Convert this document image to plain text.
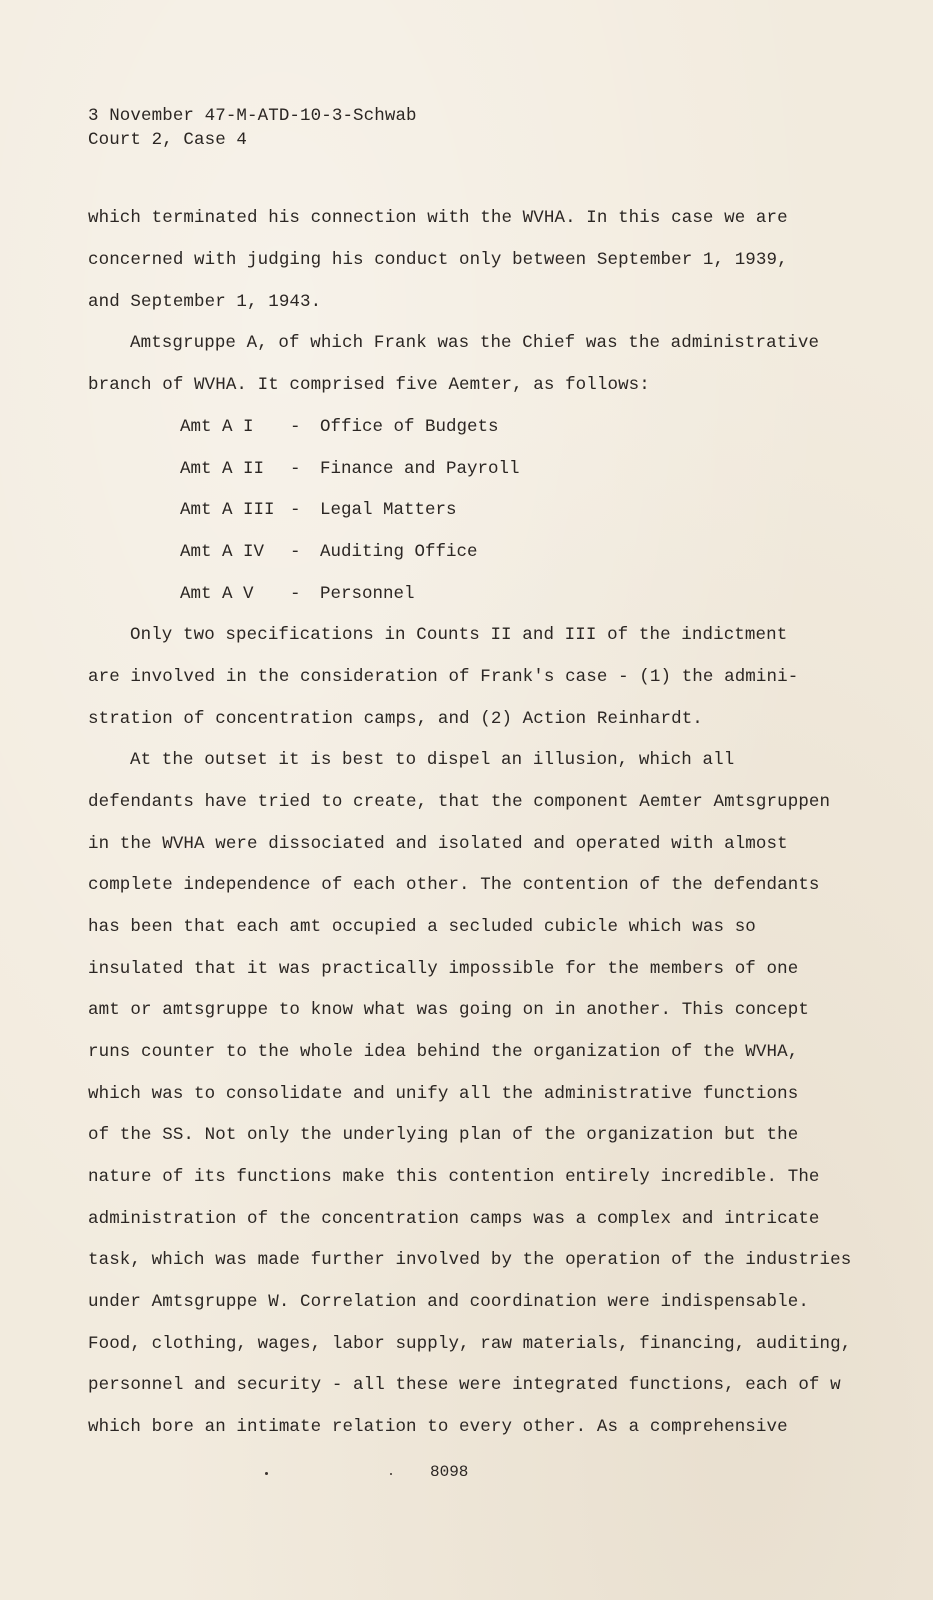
3 November 47-M-ATD-10-3-Schwab
Court 2, Case 4
which terminated his connection with the WVHA. In this case we are
concerned with judging his conduct only between September 1, 1939,
and September 1, 1943.
Amtsgruppe A, of which Frank was the Chief was the administrative
branch of WVHA. It comprised five Aemter, as follows:

Amt A I

-

Office of Budgets

Amt A II

-

Finance and Payroll

Amt A III

-

Legal Matters

Amt A IV

-

Auditing Office

Amt A V

-

Personnel

Only two specifications in Counts II and III of the indictment
are involved in the consideration of Frank's case - (1) the admini-
stration of concentration camps, and (2) Action Reinhardt.
At the outset it is best to dispel an illusion, which all
defendants have tried to create, that the component Aemter Amtsgruppen
in the WVHA were dissociated and isolated and operated with almost
complete independence of each other. The contention of the defendants
has been that each amt occupied a secluded cubicle which was so
insulated that it was practically impossible for the members of one
amt or amtsgruppe to know what was going on in another. This concept
runs counter to the whole idea behind the organization of the WVHA,
which was to consolidate and unify all the administrative functions
of the SS. Not only the underlying plan of the organization but the
nature of its functions make this contention entirely incredible. The
administration of the concentration camps was a complex and intricate
task, which was made further involved by the operation of the industries
under Amtsgruppe W. Correlation and coordination were indispensable.
Food, clothing, wages, labor supply, raw materials, financing, auditing,
personnel and security - all these were integrated functions, each of w
which bore an intimate relation to every other. As a comprehensive
8098
